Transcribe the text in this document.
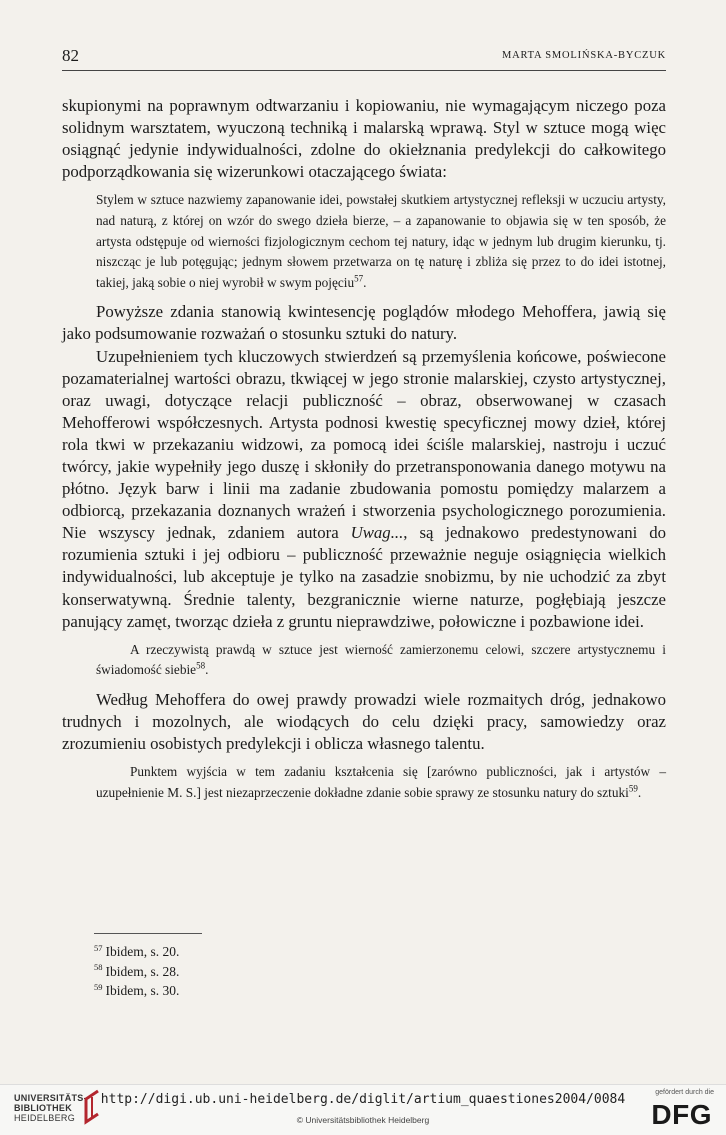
82	MARTA SMOLIŃSKA-BYCZUK

skupionymi na poprawnym odtwarzaniu i kopiowaniu, nie wymagającym niczego poza solidnym warsztatem, wyuczoną techniką i malarską wprawą. Styl w sztuce mogą więc osiągnąć jedynie indywidualności, zdolne do okiełznania predylekcji do całkowitego podporządkowania się wizerunkowi otaczającego świata:

Stylem w sztuce nazwiemy zapanowanie idei, powstałej skutkiem artystycznej refleksji w uczuciu artysty, nad naturą, z której on wzór do swego dzieła bierze, – a zapanowanie to objawia się w ten sposób, że artysta odstępuje od wierności fizjologicznym cechom tej natury, idąc w jednym lub drugim kierunku, tj. niszcząc je lub potęgując; jednym słowem przetwarza on tę naturę i zbliża się przez to do idei istotnej, takiej, jaką sobie o niej wyrobił w swym pojęciu$^{57}$.

Powyższe zdania stanowią kwintesencję poglądów młodego Mehoffera, jawią się jako podsumowanie rozważań o stosunku sztuki do natury.

Uzupełnieniem tych kluczowych stwierdzeń są przemyślenia końcowe, poświecone pozamaterialnej wartości obrazu, tkwiącej w jego stronie malarskiej, czysto artystycznej, oraz uwagi, dotyczące relacji publiczność – obraz, obserwowanej w czasach Mehofferowi współczesnych. Artysta podnosi kwestię specyficznej mowy dzieł, której rola tkwi w przekazaniu widzowi, za pomocą idei ściśle malarskiej, nastroju i uczuć twórcy, jakie wypełniły jego duszę i skłoniły do przetransponowania danego motywu na płótno. Język barw i linii ma zadanie zbudowania pomostu pomiędzy malarzem a odbiorcą, przekazania doznanych wrażeń i stworzenia psychologicznego porozumienia. Nie wszyscy jednak, zdaniem autora Uwag..., są jednakowo predestynowani do rozumienia sztuki i jej odbioru – publiczność przeważnie neguje osiągnięcia wielkich indywidualności, lub akceptuje je tylko na zasadzie snobizmu, by nie uchodzić za zbyt konserwatywną. Średnie talenty, bezgranicznie wierne naturze, pogłębiają jeszcze panujący zamęt, tworząc dzieła z gruntu nieprawdziwe, połowiczne i pozbawione idei.

A rzeczywistą prawdą w sztuce jest wierność zamierzonemu celowi, szczere artystycznemu i świadomość siebie$^{58}$.

Według Mehoffera do owej prawdy prowadzi wiele rozmaitych dróg, jednakowo trudnych i mozolnych, ale wiodących do celu dzięki pracy, samowiedzy oraz zrozumieniu osobistych predylekcji i oblicza własnego talentu.

Punktem wyjścia w tem zadaniu kształcenia się [zarówno publiczności, jak i artystów – uzupełnienie M. S.] jest niezaprzeczenie dokładne zdanie sobie sprawy ze stosunku natury do sztuki$^{59}$.

$^{57}$ Ibidem, s. 20.
$^{58}$ Ibidem, s. 28.
$^{59}$ Ibidem, s. 30.
UNIVERSITÄTS-
BIBLIOTHEK
HEIDELBERG
http://digi.ub.uni-heidelberg.de/diglit/artium_quaestiones2004/0084
© Universitätsbibliothek Heidelberg
gefördert durch die
DFG
